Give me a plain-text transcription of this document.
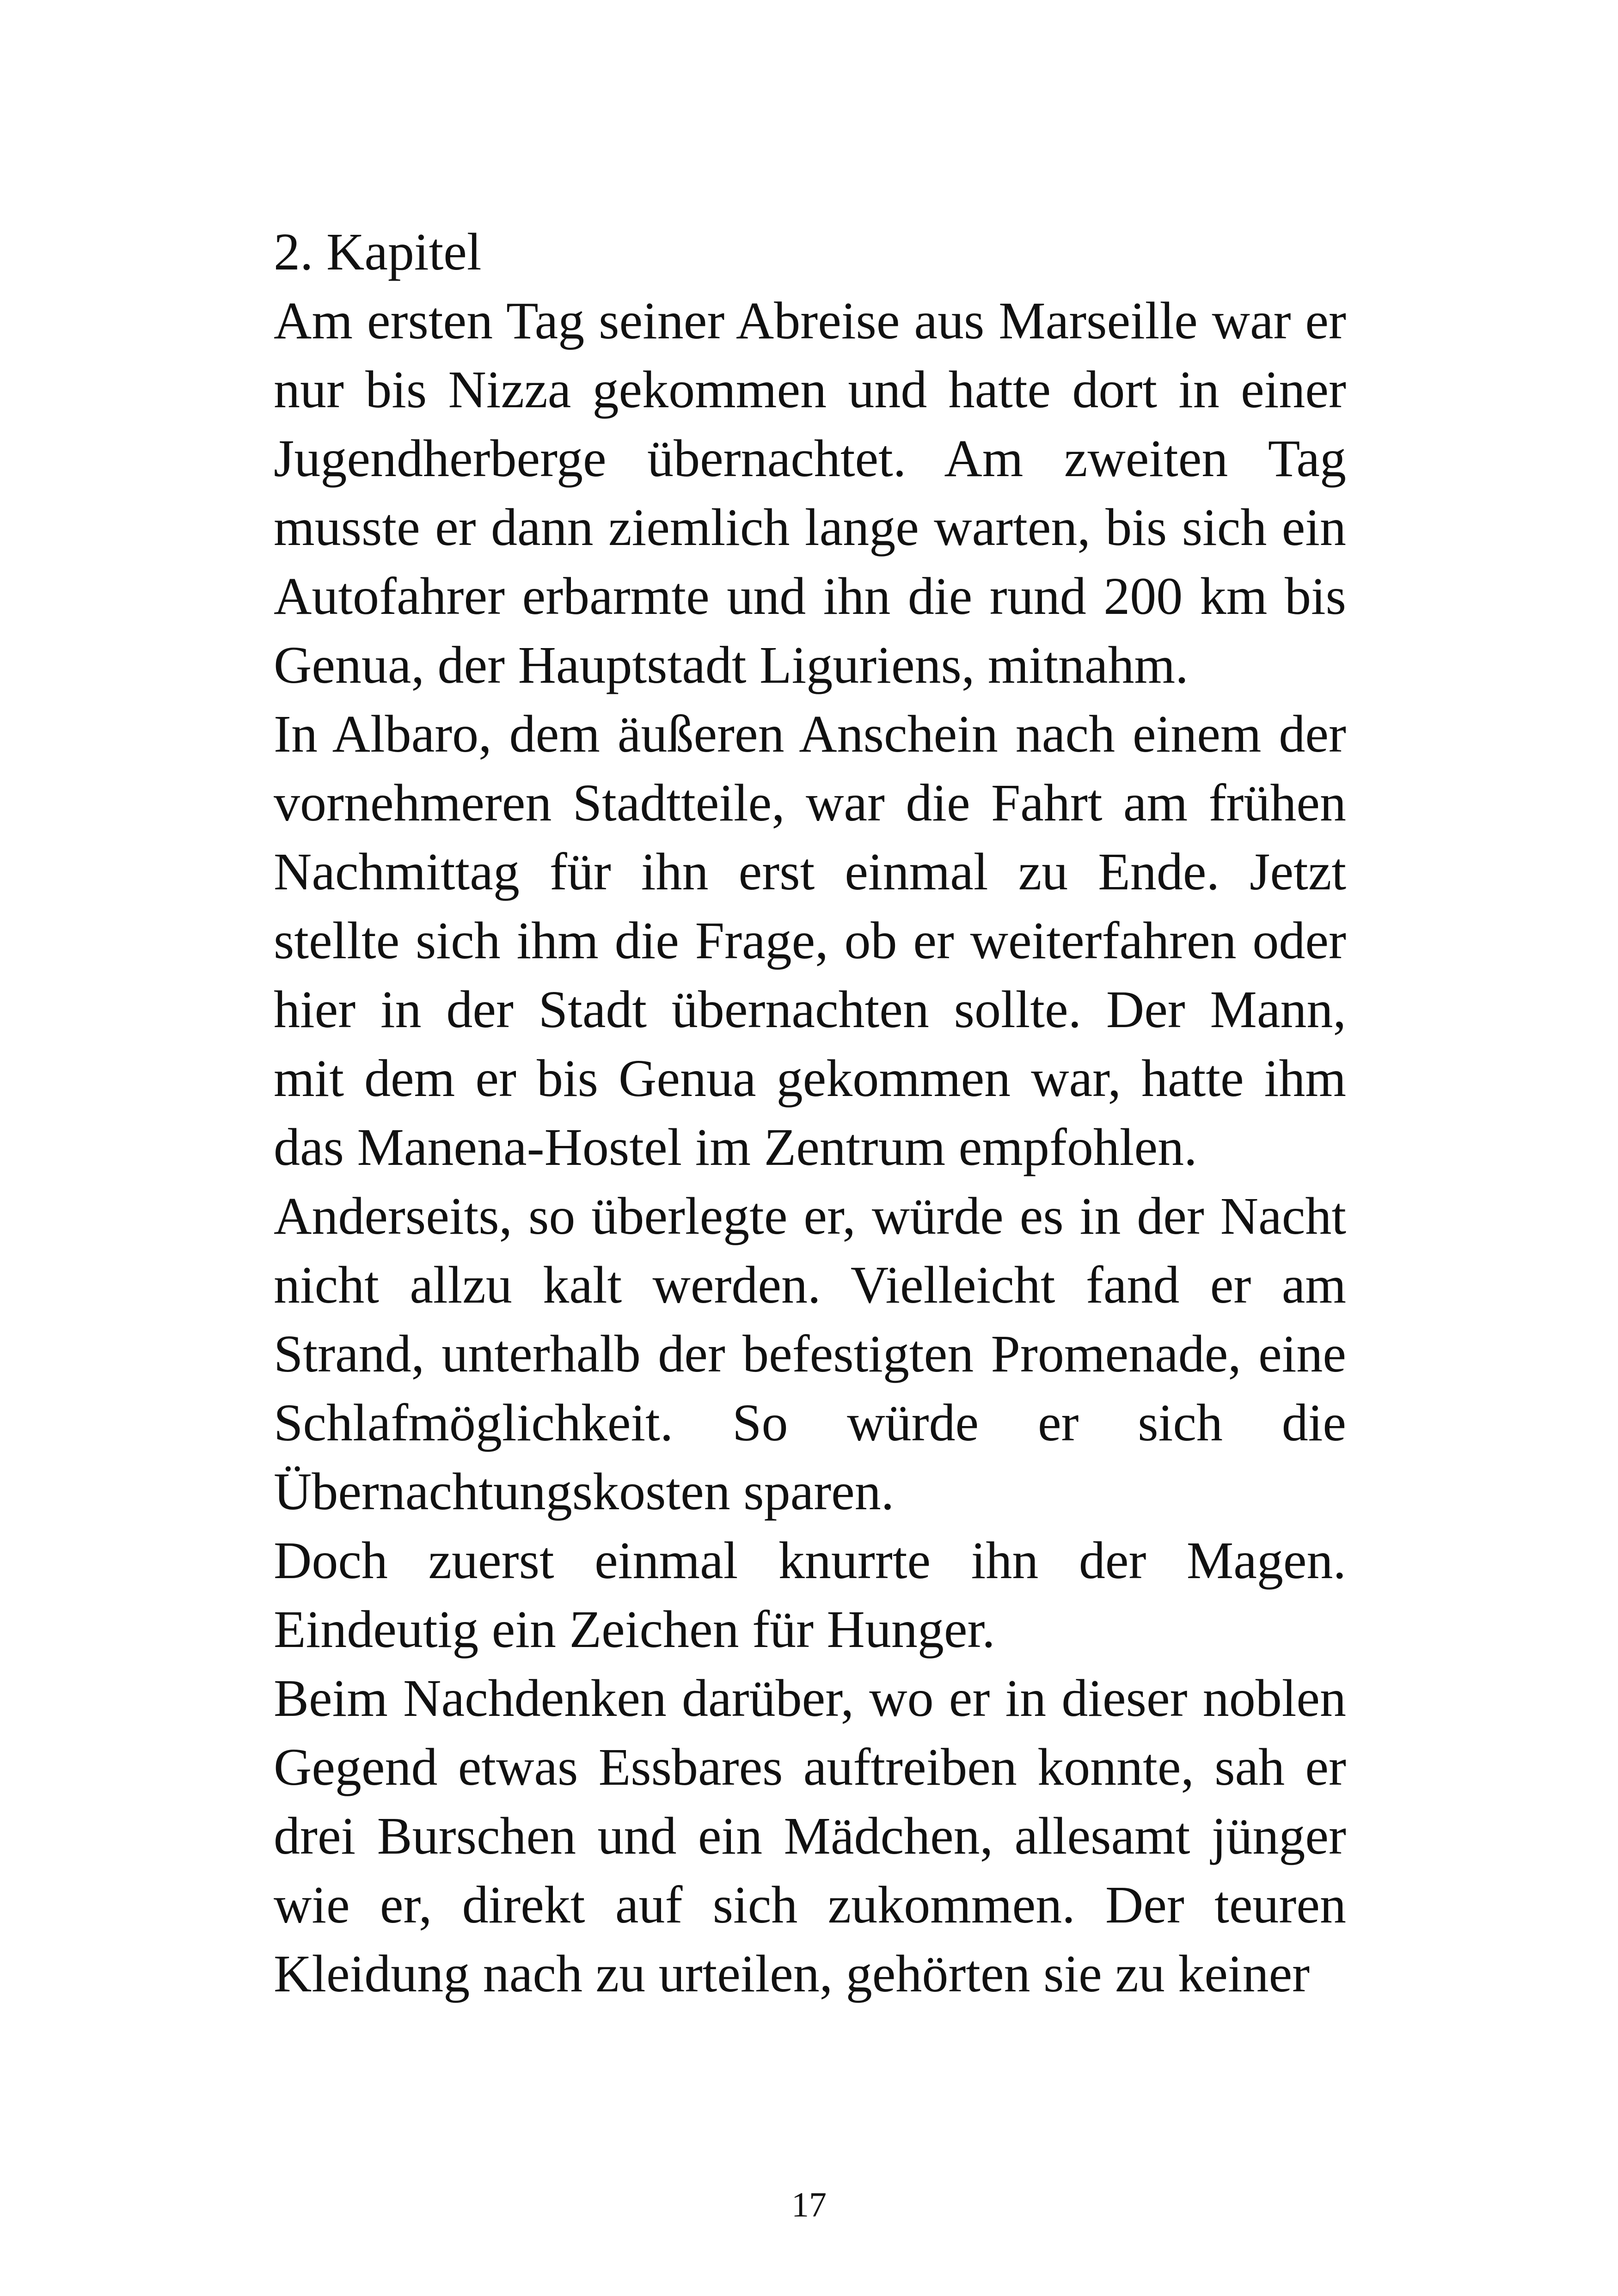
2. Kapitel

Am ersten Tag seiner Abreise aus Marseille war er nur bis Nizza gekommen und hatte dort in einer Jugendherberge übernachtet. Am zweiten Tag musste er dann ziemlich lange warten, bis sich ein Autofahrer erbarmte und ihn die rund 200 km bis Genua, der Hauptstadt Liguriens, mitnahm.

In Albaro, dem äußeren Anschein nach einem der vornehmeren Stadtteile, war die Fahrt am frühen Nachmittag für ihn erst einmal zu Ende. Jetzt stellte sich ihm die Frage, ob er weiterfahren oder hier in der Stadt übernachten sollte. Der Mann, mit dem er bis Genua gekommen war, hatte ihm das Manena-Hostel im Zentrum empfohlen.

Anderseits, so überlegte er, würde es in der Nacht nicht allzu kalt werden. Vielleicht fand er am Strand, unterhalb der befestigten Promenade, eine Schlafmöglichkeit. So würde er sich die Übernachtungskosten sparen.

Doch zuerst einmal knurrte ihn der Magen. Eindeutig ein Zeichen für Hunger.

Beim Nachdenken darüber, wo er in dieser noblen Gegend etwas Essbares auftreiben konnte, sah er drei Burschen und ein Mädchen, allesamt jünger wie er, direkt auf sich zukommen. Der teuren Kleidung nach zu urteilen, gehörten sie zu keiner

17
